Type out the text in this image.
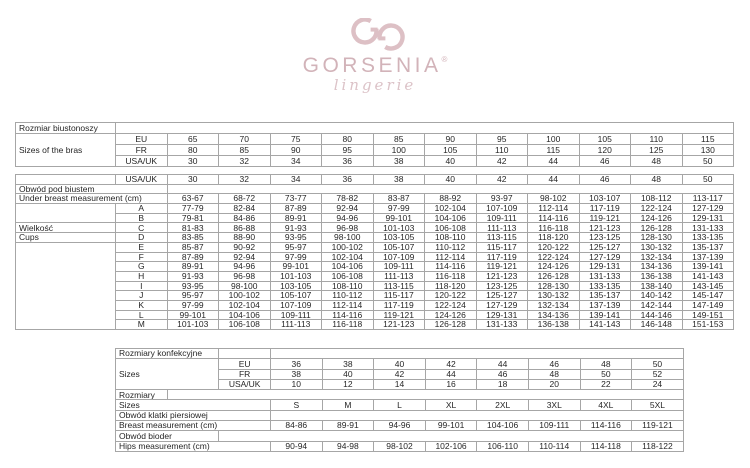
GORSENIA®
lingerie
Rozmiar biustonoszy												
Sizes of the bras	EU	65	70	75	80	85	90	95	100	105	110	115
	FR	80	85	90	95	100	105	110	115	120	125	130
	USA/UK	30	32	34	36	38	40	42	44	46	48	50
	USA/UK	30	32	34	36	38	40	42	44	46	48	50
Obwód pod biustem												
Under breast measurement (cm)		63-67	68-72	73-77	78-82	83-87	88-92	93-97	98-102	103-107	108-112	113-117
	A	77-79	82-84	87-89	92-94	97-99	102-104	107-109	112-114	117-119	122-124	127-129
	B	79-81	84-86	89-91	94-96	99-101	104-106	109-111	114-116	119-121	124-126	129-131
Wielkość	C	81-83	86-88	91-93	96-98	101-103	106-108	111-113	116-118	121-123	126-128	131-133
Cups	D	83-85	88-90	93-95	98-100	103-105	108-110	113-115	118-120	123-125	128-130	133-135
	E	85-87	90-92	95-97	100-102	105-107	110-112	115-117	120-122	125-127	130-132	135-137
	F	87-89	92-94	97-99	102-104	107-109	112-114	117-119	122-124	127-129	132-134	137-139
	G	89-91	94-96	99-101	104-106	109-111	114-116	119-121	124-126	129-131	134-136	139-141
	H	91-93	96-98	101-103	106-108	111-113	116-118	121-123	126-128	131-133	136-138	141-143
	I	93-95	98-100	103-105	108-110	113-115	118-120	123-125	128-130	133-135	138-140	143-145
	J	95-97	100-102	105-107	110-112	115-117	120-122	125-127	130-132	135-137	140-142	145-147
	K	97-99	102-104	107-109	112-114	117-119	122-124	127-129	132-134	137-139	142-144	147-149
	L	99-101	104-106	109-111	114-116	119-121	124-126	129-131	134-136	139-141	144-146	149-151
	M	101-103	106-108	111-113	116-118	121-123	126-128	131-133	136-138	141-143	146-148	151-153
Rozmiary konfekcyjne										
Sizes		EU	36	38	40	42	44	46	48	50
		FR	38	40	42	44	46	48	50	52
		USA/UK	10	12	14	16	18	20	22	24
Rozmiary										
Sizes			S	M	L	XL	2XL	3XL	4XL	5XL
Obwód klatki piersiowej										
Breast measurement (cm)			84-86	89-91	94-96	99-101	104-106	109-111	114-116	119-121
Obwód bioder										
Hips measurement (cm)			90-94	94-98	98-102	102-106	106-110	110-114	114-118	118-122
